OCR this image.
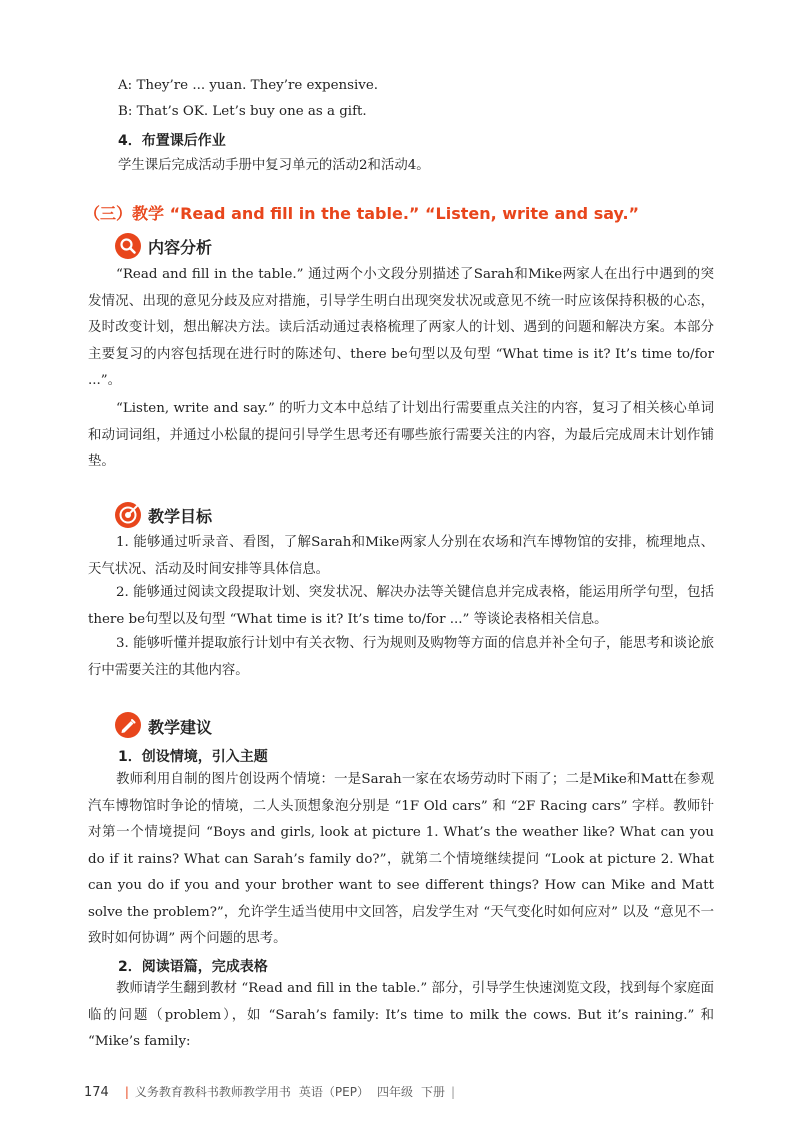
A: They’re ... yuan. They’re expensive.
B: That’s OK. Let’s buy one as a gift.
4．布置课后作业
学生课后完成活动手册中复习单元的活动2和活动4。
（三）教学 “Read and fill in the table.” “Listen, write and say.”
内容分析
“Read and fill in the table.” 通过两个小文段分别描述了Sarah和Mike两家人在出行中遇到的突发情况、出现的意见分歧及应对措施，引导学生明白出现突发状况或意见不统一时应该保持积极的心态，及时改变计划，想出解决方法。读后活动通过表格梳理了两家人的计划、遇到的问题和解决方案。本部分主要复习的内容包括现在进行时的陈述句、there be句型以及句型 “What time is it? It’s time to/for ...”。
“Listen, write and say.” 的听力文本中总结了计划出行需要重点关注的内容，复习了相关核心单词和动词词组，并通过小松鼠的提问引导学生思考还有哪些旅行需要关注的内容，为最后完成周末计划作铺垫。
教学目标
1. 能够通过听录音、看图，了解Sarah和Mike两家人分别在农场和汽车博物馆的安排，梳理地点、天气状况、活动及时间安排等具体信息。
2. 能够通过阅读文段提取计划、突发状况、解决办法等关键信息并完成表格，能运用所学句型，包括there be句型以及句型 “What time is it? It’s time to/for ...” 等谈论表格相关信息。
3. 能够听懂并提取旅行计划中有关衣物、行为规则及购物等方面的信息并补全句子，能思考和谈论旅行中需要关注的其他内容。
教学建议
1．创设情境，引入主题
教师利用自制的图片创设两个情境：一是Sarah一家在农场劳动时下雨了；二是Mike和Matt在参观汽车博物馆时争论的情境，二人头顶想象泡分别是 “1F Old cars” 和 “2F Racing cars” 字样。教师针对第一个情境提问 “Boys and girls, look at picture 1. What’s the weather like? What can you do if it rains? What can Sarah’s family do?”，就第二个情境继续提问 “Look at picture 2. What can you do if you and your brother want to see different things? How can Mike and Matt solve the problem?”，允许学生适当使用中文回答，启发学生对 “天气变化时如何应对” 以及 “意见不一致时如何协调” 两个问题的思考。
2．阅读语篇，完成表格
教师请学生翻到教材 “Read and fill in the table.” 部分，引导学生快速浏览文段，找到每个家庭面临的问题（problem），如 “Sarah’s family: It’s time to milk the cows. But it’s raining.” 和 “Mike’s family:
174 | 义务教育教科书教师教学用书 英语（PEP） 四年级 下册 |
